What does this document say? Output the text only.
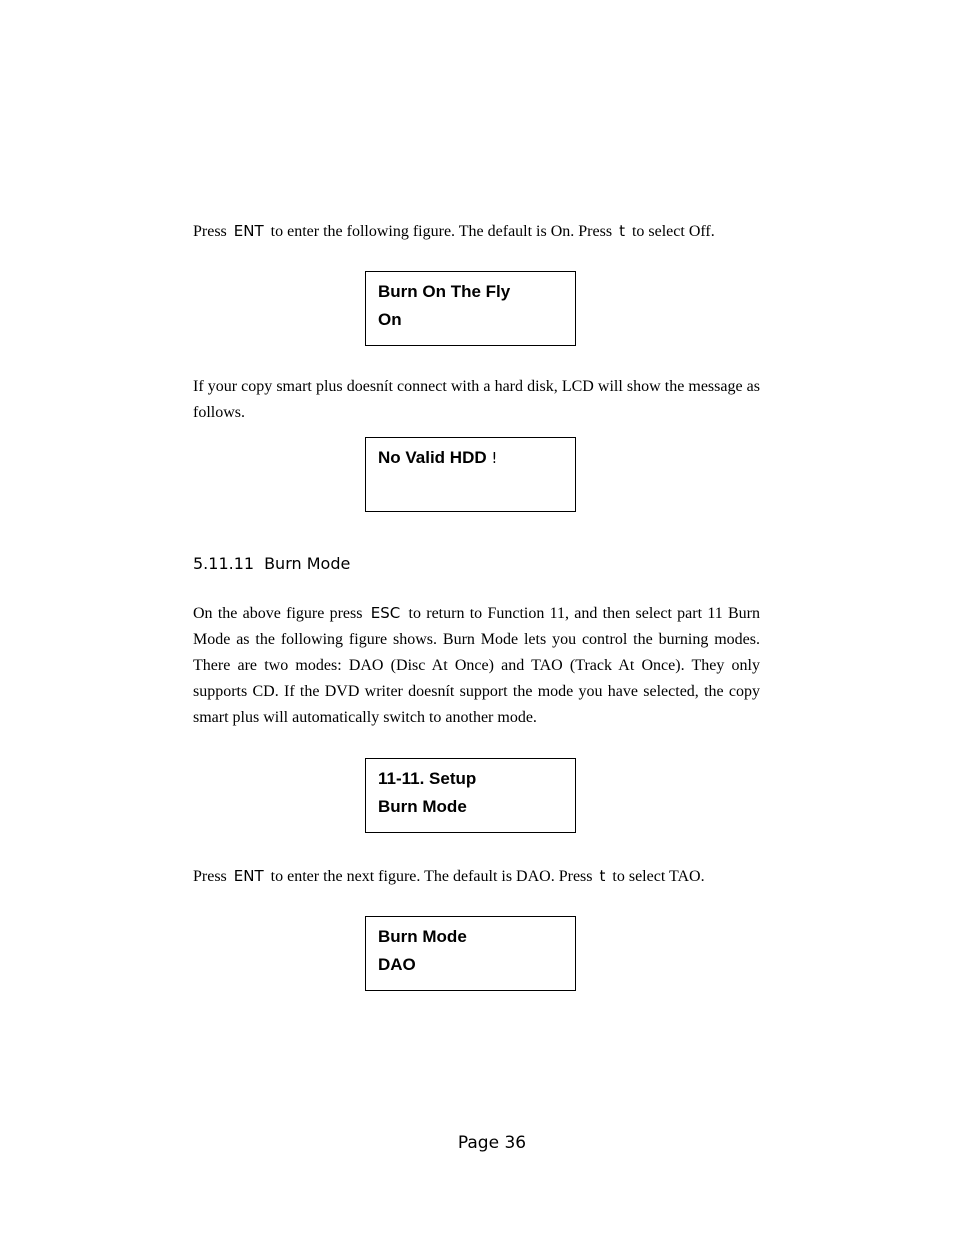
Press ENT to enter the following figure. The default is On. Press t to select Off.

Burn On The Fly
On

If your copy smart plus doesnít connect with a hard disk, LCD will show the message as follows.

No Valid HDD !
5.11.11 Burn Mode

On the above figure press ESC to return to Function 11, and then select part 11 Burn Mode as the following figure shows. Burn Mode lets you control the burning modes. There are two modes: DAO (Disc At Once) and TAO (Track At Once). They only supports CD. If the DVD writer doesnít support the mode you have selected, the copy smart plus will automatically switch to another mode.

11-11. Setup
Burn Mode

Press ENT to enter the next figure. The default is DAO. Press t to select TAO.

Burn Mode
DAO
Page 36
